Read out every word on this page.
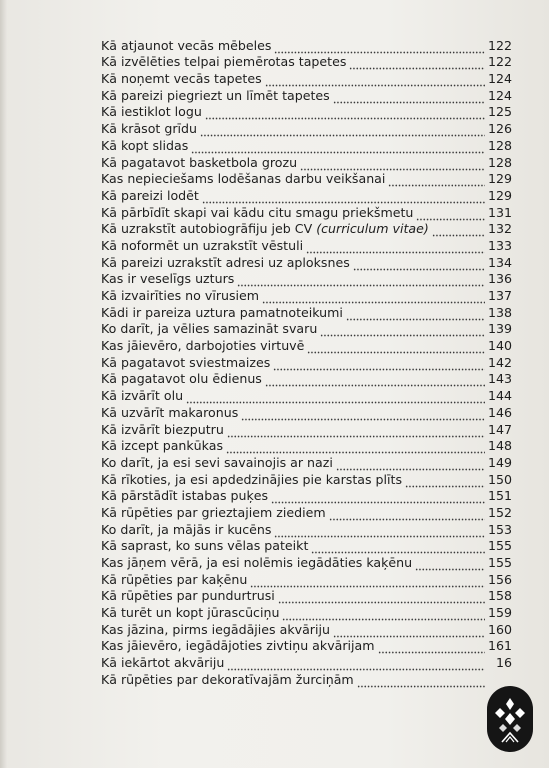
Kā atjaunot vecās mēbeles	122
Kā izvēlēties telpai piemērotas tapetes	122
Kā noņemt vecās tapetes	124
Kā pareizi piegriezt un līmēt tapetes	124
Kā iestiklot logu	125
Kā krāsot grīdu	126
Kā kopt slidas	128
Kā pagatavot basketbola grozu	128
Kas nepieciešams lodēšanas darbu veikšanai	129
Kā pareizi lodēt	129
Kā pārbīdīt skapi vai kādu citu smagu priekšmetu	131
Kā uzrakstīt autobiogrāfiju jeb CV (curriculum vitae)	132
Kā noformēt un uzrakstīt vēstuli	133
Kā pareizi uzrakstīt adresi uz aploksnes	134
Kas ir veselīgs uzturs	136
Kā izvairīties no vīrusiem	137
Kādi ir pareiza uztura pamatnoteikumi	138
Ko darīt, ja vēlies samazināt svaru	139
Kas jāievēro, darbojoties virtuvē	140
Kā pagatavot sviestmaizes	142
Kā pagatavot olu ēdienus	143
Kā izvārīt olu	144
Kā uzvārīt makaronus	146
Kā izvārīt biezputru	147
Kā izcept pankūkas	148
Ko darīt, ja esi sevi savainojis ar nazi	149
Kā rīkoties, ja esi apdedzinājies pie karstas plīts	150
Kā pārstādīt istabas puķes	151
Kā rūpēties par grieztajiem ziediem	152
Ko darīt, ja mājās ir kucēns	153
Kā saprast, ko suns vēlas pateikt	155
Kas jāņem vērā, ja esi nolēmis iegādāties kaķēnu	155
Kā rūpēties par kaķēnu	156
Kā rūpēties par pundurtrusi	158
Kā turēt un kopt jūrascūciņu	159
Kas jāzina, pirms iegādājies akvāriju	160
Kas jāievēro, iegādājoties zivtiņu akvārijam	161
Kā iekārtot akvāriju	16
Kā rūpēties par dekoratīvajām žurciņām
